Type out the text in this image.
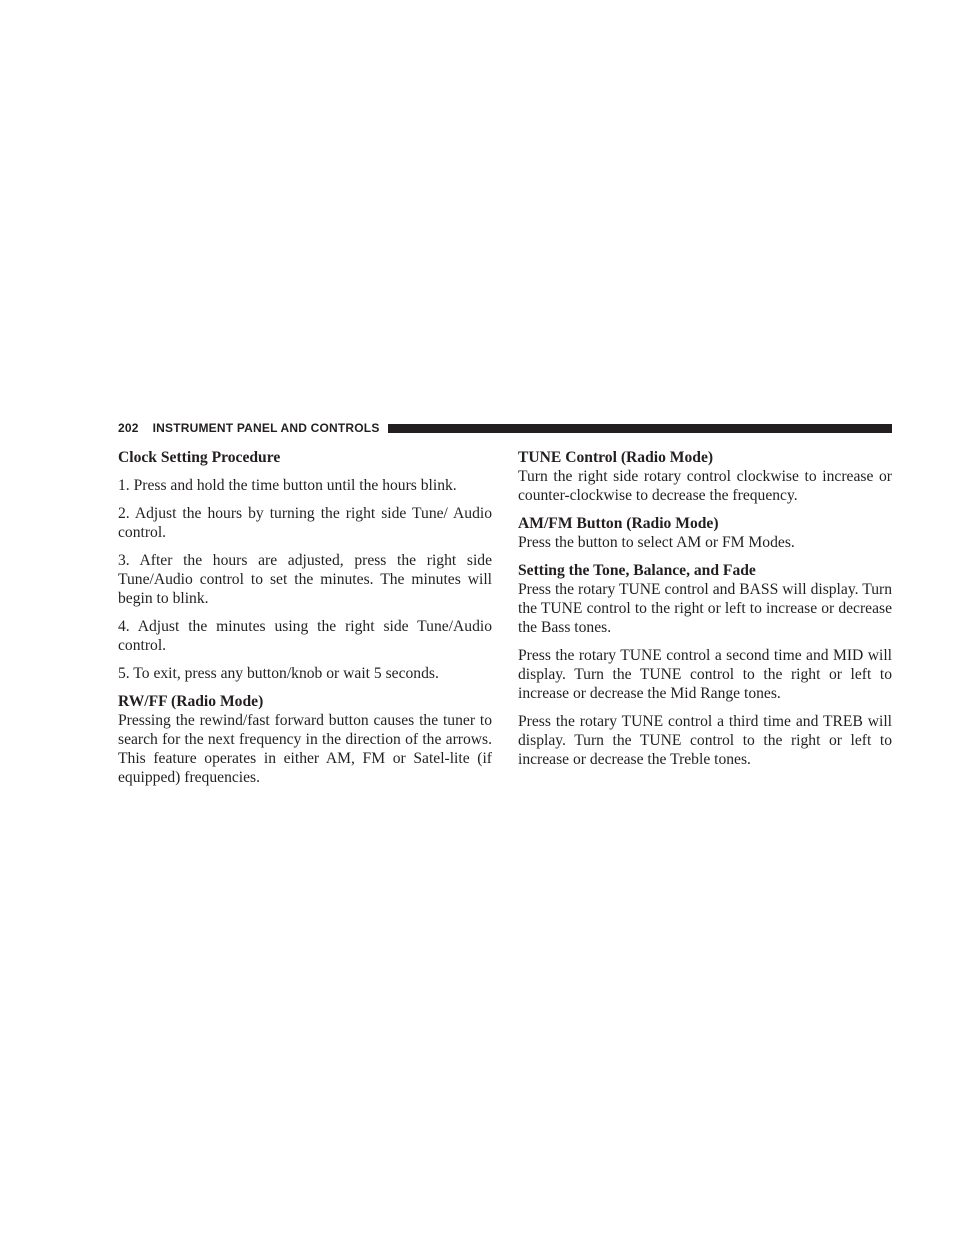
202 INSTRUMENT PANEL AND CONTROLS
Clock Setting Procedure

1. Press and hold the time button until the hours blink.

2. Adjust the hours by turning the right side Tune/ Audio control.

3. After the hours are adjusted, press the right side Tune/Audio control to set the minutes. The minutes will begin to blink.

4. Adjust the minutes using the right side Tune/Audio control.

5. To exit, press any button/knob or wait 5 seconds.

RW/FF (Radio Mode)

Pressing the rewind/fast forward button causes the tuner to search for the next frequency in the direction of the arrows. This feature operates in either AM, FM or Satel-lite (if equipped) frequencies.

TUNE Control (Radio Mode)

Turn the right side rotary control clockwise to increase or counter-clockwise to decrease the frequency.

AM/FM Button (Radio Mode)

Press the button to select AM or FM Modes.

Setting the Tone, Balance, and Fade

Press the rotary TUNE control and BASS will display. Turn the TUNE control to the right or left to increase or decrease the Bass tones.

Press the rotary TUNE control a second time and MID will display. Turn the TUNE control to the right or left to increase or decrease the Mid Range tones.

Press the rotary TUNE control a third time and TREB will display. Turn the TUNE control to the right or left to increase or decrease the Treble tones.
